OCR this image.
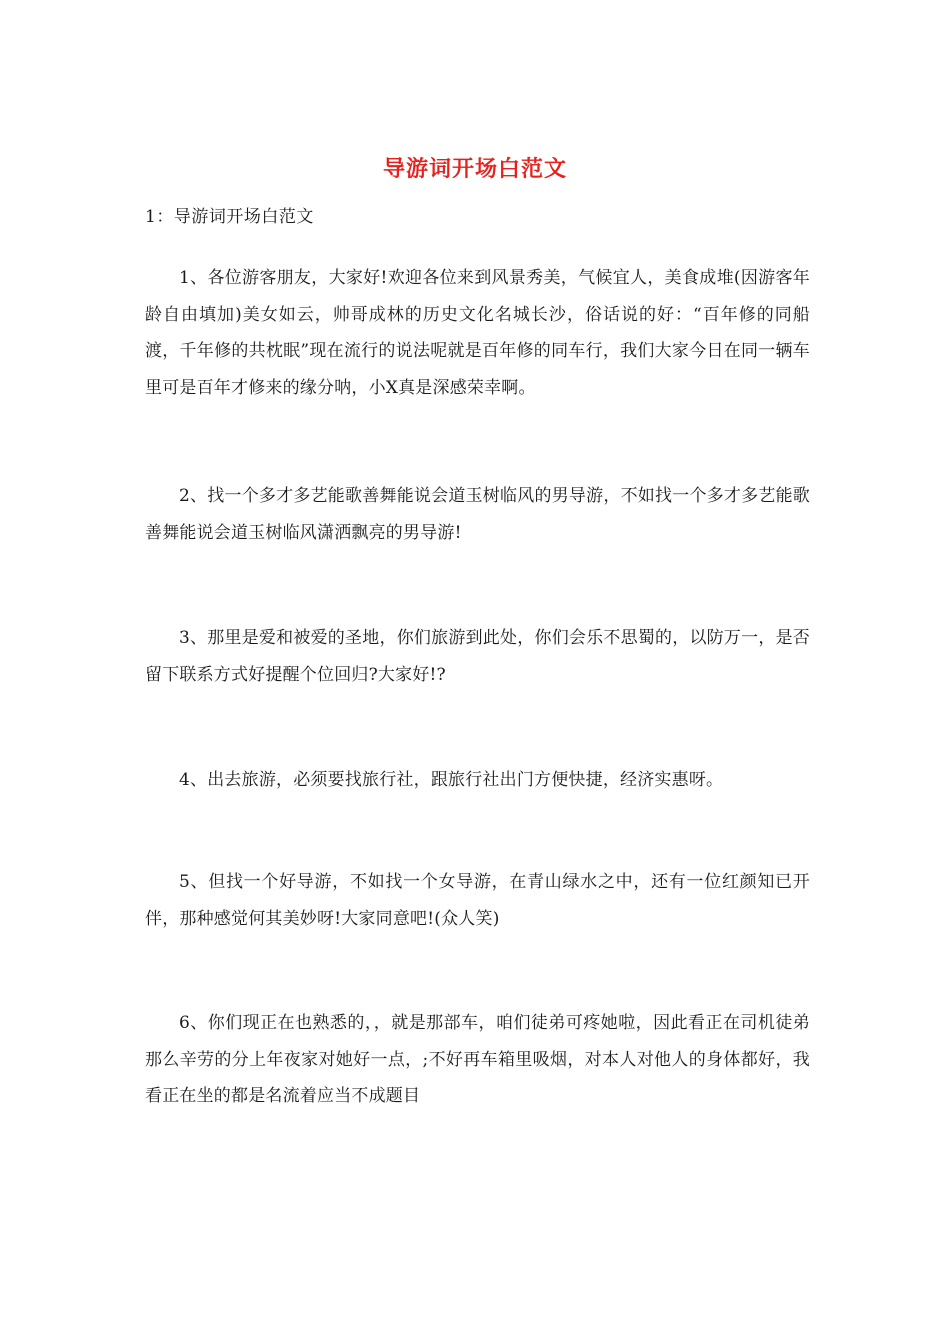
导游词开场白范文
1：导游词开场白范文
1、各位游客朋友，大家好!欢迎各位来到风景秀美，气候宜人，美食成堆(因游客年龄自由填加)美女如云，帅哥成林的历史文化名城长沙，俗话说的好：“百年修的同船渡，千年修的共枕眠”现在流行的说法呢就是百年修的同车行，我们大家今日在同一辆车里可是百年才修来的缘分呐，小X真是深感荣幸啊。
2、找一个多才多艺能歌善舞能说会道玉树临风的男导游，不如找一个多才多艺能歌善舞能说会道玉树临风潇洒飘亮的男导游!
3、那里是爱和被爱的圣地，你们旅游到此处，你们会乐不思蜀的，以防万一，是否留下联系方式好提醒个位回归?大家好!?
4、出去旅游，必须要找旅行社，跟旅行社出门方便快捷，经济实惠呀。
5、但找一个好导游，不如找一个女导游，在青山绿水之中，还有一位红颜知已开伴，那种感觉何其美妙呀!大家同意吧!(众人笑)
6、你们现正在也熟悉的，，就是那部车，咱们徒弟可疼她啦，因此看正在司机徒弟那么辛劳的分上年夜家对她好一点，;不好再车箱里吸烟，对本人对他人的身体都好，我看正在坐的都是名流着应当不成题目
